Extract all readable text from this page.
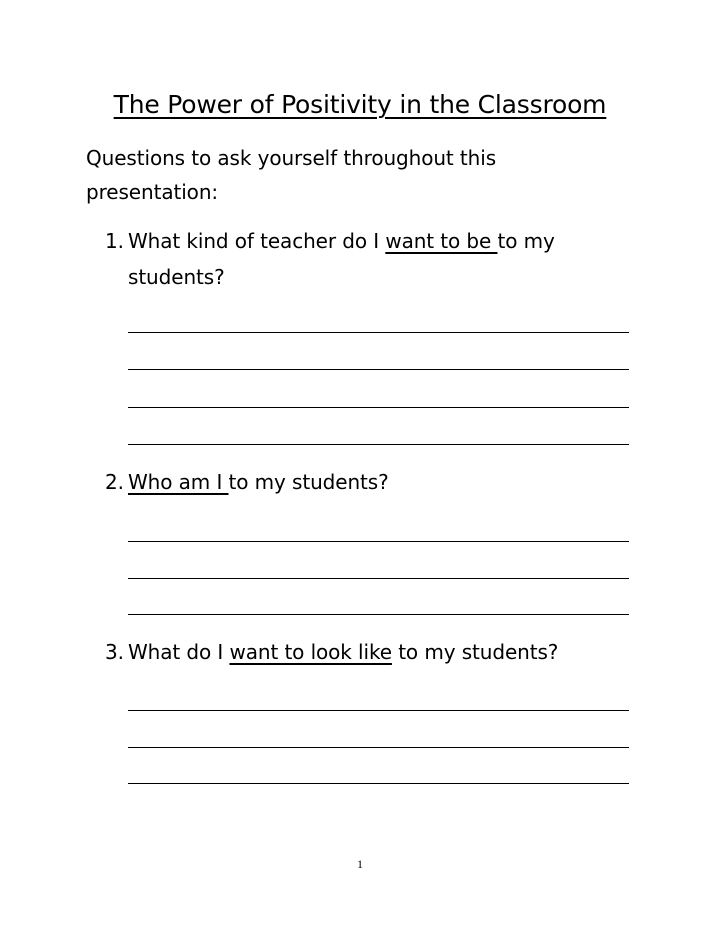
The Power of Positivity in the Classroom
Questions to ask yourself throughout this presentation:
1. What kind of teacher do I want to be to my students?
2. Who am I to my students?
3. What do I want to look like to my students?
1
